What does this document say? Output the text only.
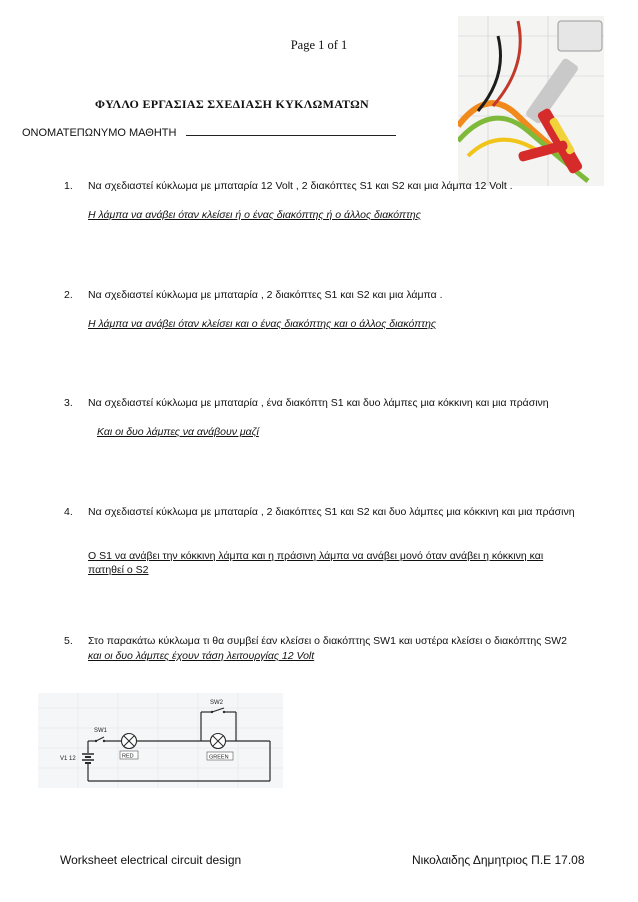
Page 1 of 1
ΦΥΛΛΟ ΕΡΓΑΣΙΑΣ ΣΧΕΔΙΑΣΗ ΚΥΚΛΩΜΑΤΩΝ
ΟΝΟΜΑΤΕΠΩΝΥΜΟ ΜΑΘΗΤΗ
1. Να σχεδιαστεί κύκλωμα με μπαταρία 12 Volt , 2 διακόπτες S1 και S2 και μια λάμπα 12 Volt .
Η λάμπα να ανάβει όταν κλείσει ή ο ένας διακόπτης ή ο άλλος διακόπτης
2. Να σχεδιαστεί κύκλωμα με μπαταρία , 2 διακόπτες S1 και S2 και μια λάμπα .
Η λάμπα να ανάβει όταν κλείσει και ο ένας διακόπτης και ο άλλος διακόπτης
3. Να σχεδιαστεί κύκλωμα με μπαταρία , ένα διακόπτη S1 και δυο λάμπες μια κόκκινη και μια πράσινη
Και οι δυο λάμπες να ανάβουν μαζί
4. Να σχεδιαστεί κύκλωμα με μπαταρία , 2 διακόπτες S1 και S2 και δυο λάμπες μια κόκκινη και μια πράσινη
Ο S1 να ανάβει την κόκκινη λάμπα και η πράσινη λάμπα να ανάβει μονό όταν ανάβει η κόκκινη και πατηθεί ο S2
5. Στο παρακάτω κύκλωμα τι θα συμβεί έαν κλείσει ο διακόπτης SW1 και υστέρα κλείσει ο διακόπτης SW2
και οι δυο λάμπες έχουν τάση λειτουργίας 12 Volt
SW1
SW2
V1 12	RED	GREEN
Worksheet electrical circuit design	Νικολαιδης Δημητριος Π.Ε 17.08
